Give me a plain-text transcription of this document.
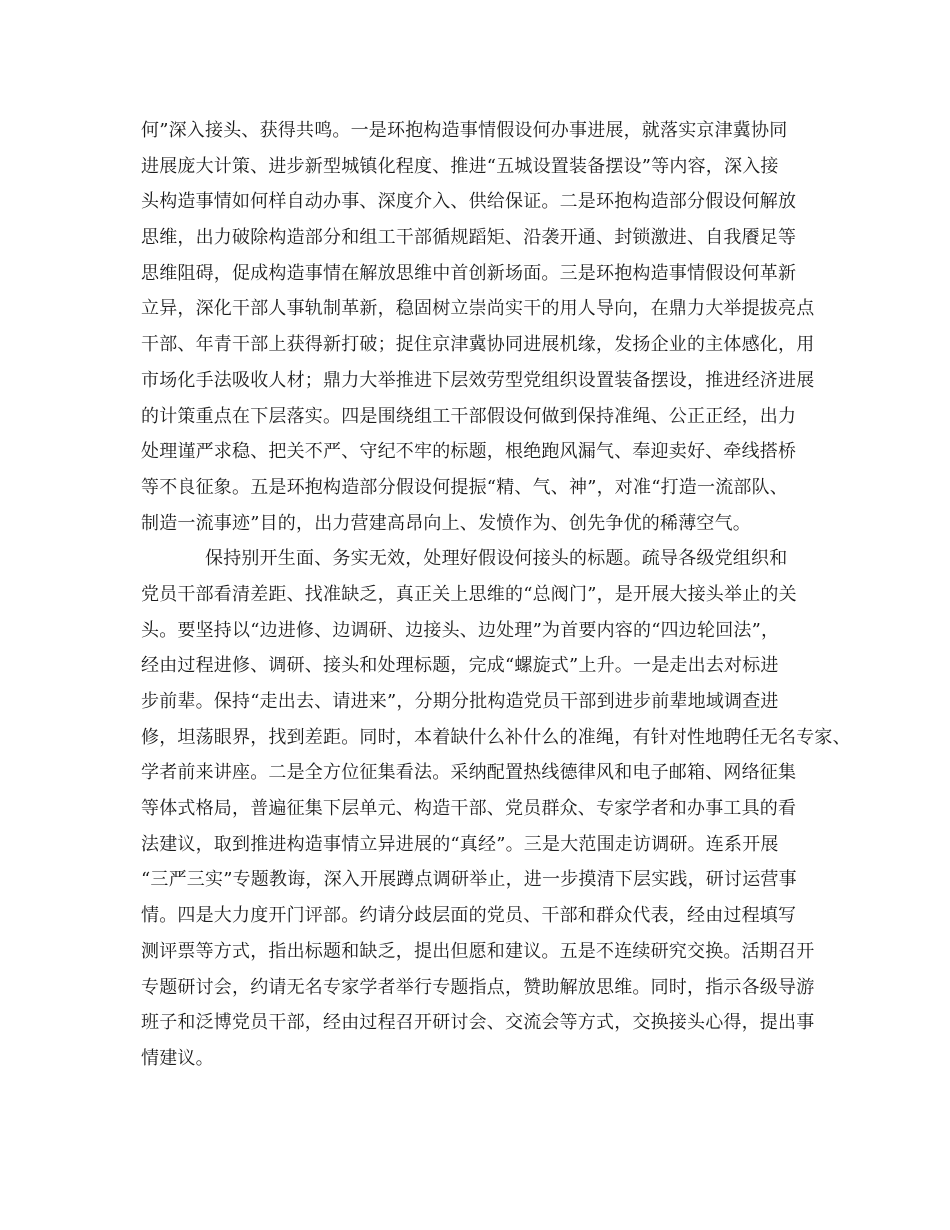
何”深入接头、获得共鸣。一是环抱构造事情假设何办事进展，就落实京津冀协同
进展庞大计策、进步新型城镇化程度、推进“五城设置装备摆设”等内容，深入接
头构造事情如何样自动办事、深度介入、供给保证。二是环抱构造部分假设何解放
思维，出力破除构造部分和组工干部循规蹈矩、沿袭开通、封锁激进、自我餍足等
思维阻碍，促成构造事情在解放思维中首创新场面。三是环抱构造事情假设何革新
立异，深化干部人事轨制革新，稳固树立崇尚实干的用人导向，在鼎力大举提拔亮点
干部、年青干部上获得新打破；捉住京津冀协同进展机缘，发扬企业的主体感化，用
市场化手法吸收人材；鼎力大举推进下层效劳型党组织设置装备摆设，推进经济进展
的计策重点在下层落实。四是围绕组工干部假设何做到保持准绳、公正正经，出力
处理谨严求稳、把关不严、守纪不牢的标题，根绝跑风漏气、奉迎卖好、牵线搭桥
等不良征象。五是环抱构造部分假设何提振“精、气、神”，对准“打造一流部队、
制造一流事迹”目的，出力营建高昂向上、发愤作为、创先争优的稀薄空气。
保持别开生面、务实无效，处理好假设何接头的标题。疏导各级党组织和
党员干部看清差距、找准缺乏，真正关上思维的“总阀门”，是开展大接头举止的关
头。要坚持以“边进修、边调研、边接头、边处理”为首要内容的“四边轮回法”，
经由过程进修、调研、接头和处理标题，完成“螺旋式”上升。一是走出去对标进
步前辈。保持“走出去、请进来”，分期分批构造党员干部到进步前辈地域调查进
修，坦荡眼界，找到差距。同时，本着缺什么补什么的准绳，有针对性地聘任无名专家、
学者前来讲座。二是全方位征集看法。采纳配置热线德律风和电子邮箱、网络征集
等体式格局，普遍征集下层单元、构造干部、党员群众、专家学者和办事工具的看
法建议，取到推进构造事情立异进展的“真经”。三是大范围走访调研。连系开展
“三严三实”专题教诲，深入开展蹲点调研举止，进一步摸清下层实践，研讨运营事
情。四是大力度开门评部。约请分歧层面的党员、干部和群众代表，经由过程填写
测评票等方式，指出标题和缺乏，提出但愿和建议。五是不连续研究交换。活期召开
专题研讨会，约请无名专家学者举行专题指点，赞助解放思维。同时，指示各级导游
班子和泛博党员干部，经由过程召开研讨会、交流会等方式，交换接头心得，提出事
情建议。
